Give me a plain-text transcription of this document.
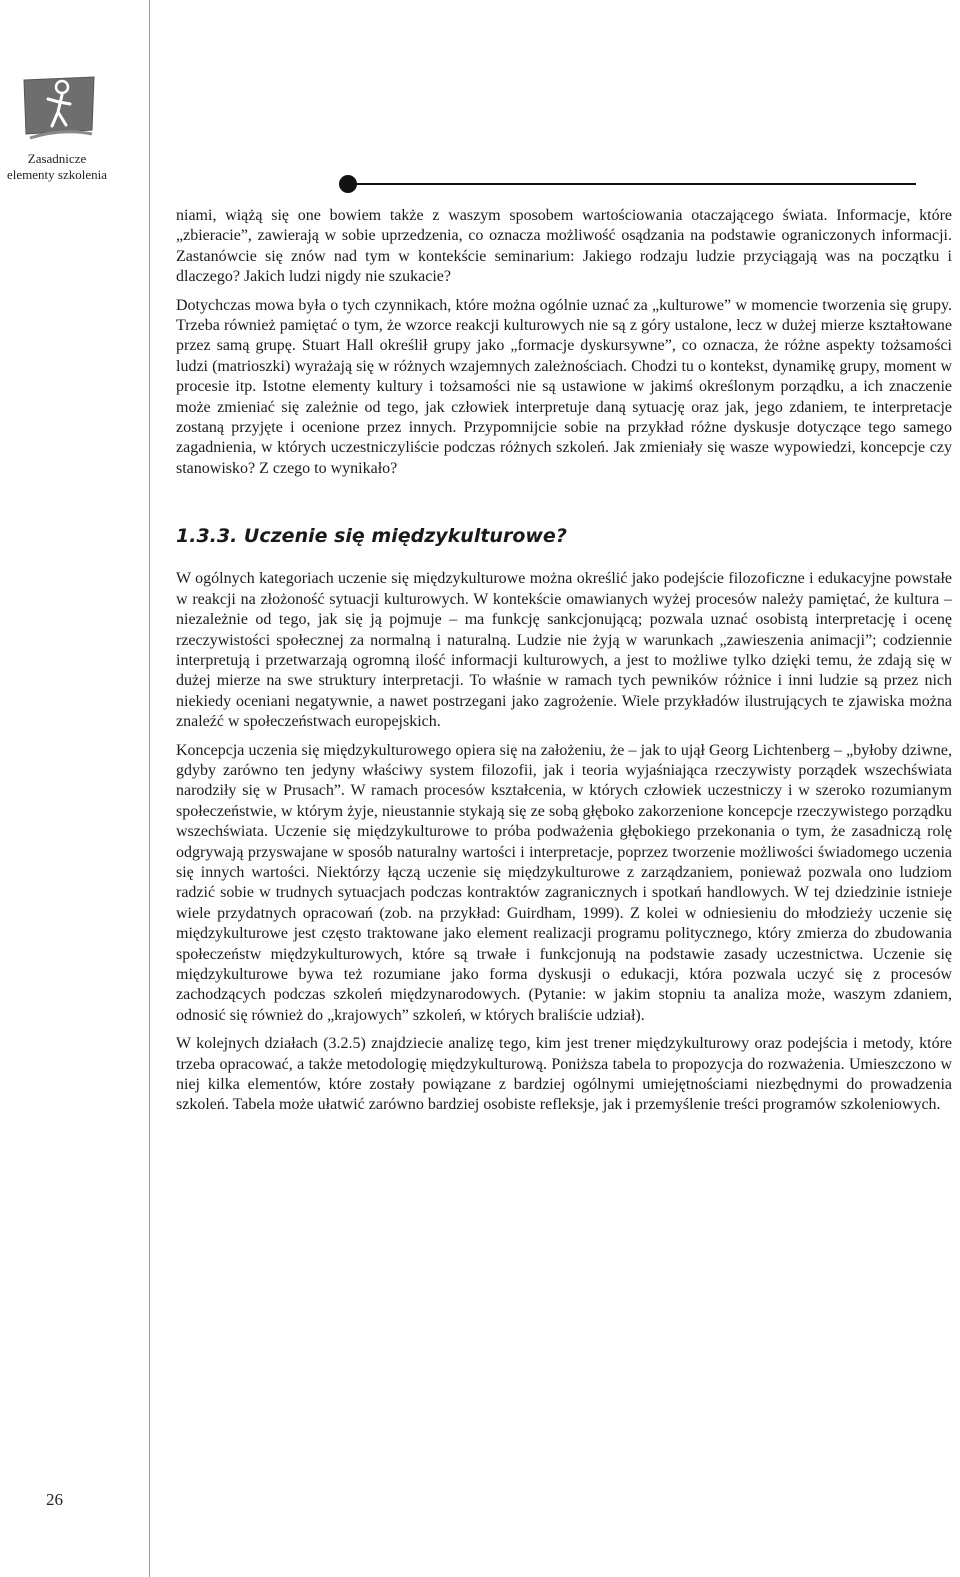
Zasadnicze
elementy szkolenia

niami, wiążą się one bowiem także z waszym sposobem wartościowania otaczającego świata. Informacje, które „zbieracie”, zawierają w sobie uprzedzenia, co oznacza możliwość osądzania na podstawie ograniczonych informacji. Zastanówcie się znów nad tym w kontekście seminarium: Jakiego rodzaju ludzie przyciągają was na początku i dlaczego? Jakich ludzi nigdy nie szukacie?

Dotychczas mowa była o tych czynnikach, które można ogólnie uznać za „kulturowe” w momencie tworzenia się grupy. Trzeba również pamiętać o tym, że wzorce reakcji kulturowych nie są z góry ustalone, lecz w dużej mierze kształtowane przez samą grupę. Stuart Hall określił grupy jako „formacje dyskursywne”, co oznacza, że różne aspekty tożsamości ludzi (matrioszki) wyrażają się w różnych wzajemnych zależnościach. Chodzi tu o kontekst, dynamikę grupy, moment w procesie itp. Istotne elementy kultury i tożsamości nie są ustawione w jakimś określonym porządku, a ich znaczenie może zmieniać się zależnie od tego, jak człowiek interpretuje daną sytuację oraz jak, jego zdaniem, te interpretacje zostaną przyjęte i ocenione przez innych. Przypomnijcie sobie na przykład różne dyskusje dotyczące tego samego zagadnienia, w których uczestniczyliście podczas różnych szkoleń. Jak zmieniały się wasze wypowiedzi, koncepcje czy stanowisko? Z czego to wynikało?

1.3.3. Uczenie się międzykulturowe?

W ogólnych kategoriach uczenie się międzykulturowe można określić jako podejście filozoficzne i edukacyjne powstałe w reakcji na złożoność sytuacji kulturowych. W kontekście omawianych wyżej procesów należy pamiętać, że kultura – niezależnie od tego, jak się ją pojmuje – ma funkcję sankcjonującą; pozwala uznać osobistą interpretację i ocenę rzeczywistości społecznej za normalną i naturalną. Ludzie nie żyją w warunkach „zawieszenia animacji”; codziennie interpretują i przetwarzają ogromną ilość informacji kulturowych, a jest to możliwe tylko dzięki temu, że zdają się w dużej mierze na swe struktury interpretacji. To właśnie w ramach tych pewników różnice i inni ludzie są przez nich niekiedy oceniani negatywnie, a nawet postrzegani jako zagrożenie. Wiele przykładów ilustrujących te zjawiska można znaleźć w społeczeństwach europejskich.

Koncepcja uczenia się międzykulturowego opiera się na założeniu, że – jak to ujął Georg Lichtenberg – „byłoby dziwne, gdyby zarówno ten jedyny właściwy system filozofii, jak i teoria wyjaśniająca rzeczywisty porządek wszechświata narodziły się w Prusach”. W ramach procesów kształcenia, w których człowiek uczestniczy i w szeroko rozumianym społeczeństwie, w którym żyje, nieustannie stykają się ze sobą głęboko zakorzenione koncepcje rzeczywistego porządku wszechświata. Uczenie się międzykulturowe to próba podważenia głębokiego przekonania o tym, że zasadniczą rolę odgrywają przyswajane w sposób naturalny wartości i interpretacje, poprzez tworzenie możliwości świadomego uczenia się innych wartości. Niektórzy łączą uczenie się międzykulturowe z zarządzaniem, ponieważ pozwala ono ludziom radzić sobie w trudnych sytuacjach podczas kontraktów zagranicznych i spotkań handlowych. W tej dziedzinie istnieje wiele przydatnych opracowań (zob. na przykład: Guirdham, 1999). Z kolei w odniesieniu do młodzieży uczenie się międzykulturowe jest często traktowane jako element realizacji programu politycznego, który zmierza do zbudowania społeczeństw międzykulturowych, które są trwałe i funkcjonują na podstawie zasady uczestnictwa. Uczenie się międzykulturowe bywa też rozumiane jako forma dyskusji o edukacji, która pozwala uczyć się z procesów zachodzących podczas szkoleń międzynarodowych. (Pytanie: w jakim stopniu ta analiza może, waszym zdaniem, odnosić się również do „krajowych” szkoleń, w których braliście udział).

W kolejnych działach (3.2.5) znajdziecie analizę tego, kim jest trener międzykulturowy oraz podejścia i metody, które trzeba opracować, a także metodologię międzykulturową. Poniższa tabela to propozycja do rozważenia. Umieszczono w niej kilka elementów, które zostały powiązane z bardziej ogólnymi umiejętnościami niezbędnymi do prowadzenia szkoleń. Tabela może ułatwić zarówno bardziej osobiste refleksje, jak i przemyślenie treści programów szkoleniowych.

26
